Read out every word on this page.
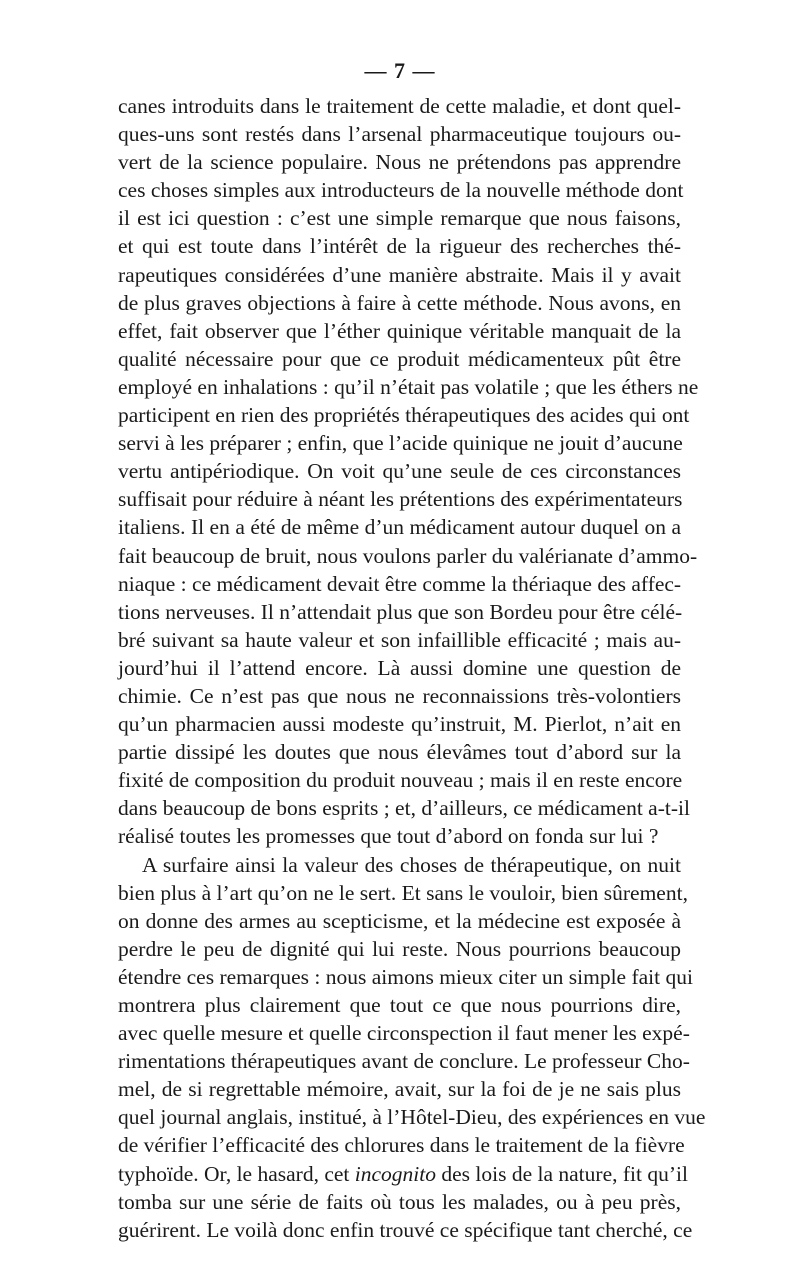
— 7 —
canes introduits dans le traitement de cette maladie, et dont quel-
ques-uns sont restés dans l’arsenal pharmaceutique toujours ou-
vert de la science populaire. Nous ne prétendons pas apprendre
ces choses simples aux introducteurs de la nouvelle méthode dont
il est ici question : c’est une simple remarque que nous faisons,
et qui est toute dans l’intérêt de la rigueur des recherches thé-
rapeutiques considérées d’une manière abstraite. Mais il y avait
de plus graves objections à faire à cette méthode. Nous avons, en
effet, fait observer que l’éther quinique véritable manquait de la
qualité nécessaire pour que ce produit médicamenteux pût être
employé en inhalations : qu’il n’était pas volatile ; que les éthers ne
participent en rien des propriétés thérapeutiques des acides qui ont
servi à les préparer ; enfin, que l’acide quinique ne jouit d’aucune
vertu antipériodique. On voit qu’une seule de ces circonstances
suffisait pour réduire à néant les prétentions des expérimentateurs
italiens. Il en a été de même d’un médicament autour duquel on a
fait beaucoup de bruit, nous voulons parler du valérianate d’ammo-
niaque : ce médicament devait être comme la thériaque des affec-
tions nerveuses. Il n’attendait plus que son Bordeu pour être célé-
bré suivant sa haute valeur et son infaillible efficacité ; mais au-
jourd’hui il l’attend encore. Là aussi domine une question de
chimie. Ce n’est pas que nous ne reconnaissions très-volontiers
qu’un pharmacien aussi modeste qu’instruit, M. Pierlot, n’ait en
partie dissipé les doutes que nous élevâmes tout d’abord sur la
fixité de composition du produit nouveau ; mais il en reste encore
dans beaucoup de bons esprits ; et, d’ailleurs, ce médicament a-t-il
réalisé toutes les promesses que tout d’abord on fonda sur lui ?
A surfaire ainsi la valeur des choses de thérapeutique, on nuit
bien plus à l’art qu’on ne le sert. Et sans le vouloir, bien sûrement,
on donne des armes au scepticisme, et la médecine est exposée à
perdre le peu de dignité qui lui reste. Nous pourrions beaucoup
étendre ces remarques : nous aimons mieux citer un simple fait qui
montrera plus clairement que tout ce que nous pourrions dire,
avec quelle mesure et quelle circonspection il faut mener les expé-
rimentations thérapeutiques avant de conclure. Le professeur Cho-
mel, de si regrettable mémoire, avait, sur la foi de je ne sais plus
quel journal anglais, institué, à l’Hôtel-Dieu, des expériences en vue
de vérifier l’efficacité des chlorures dans le traitement de la fièvre
typhoïde. Or, le hasard, cet incognito des lois de la nature, fit qu’il
tomba sur une série de faits où tous les malades, ou à peu près,
guérirent. Le voilà donc enfin trouvé ce spécifique tant cherché, ce
